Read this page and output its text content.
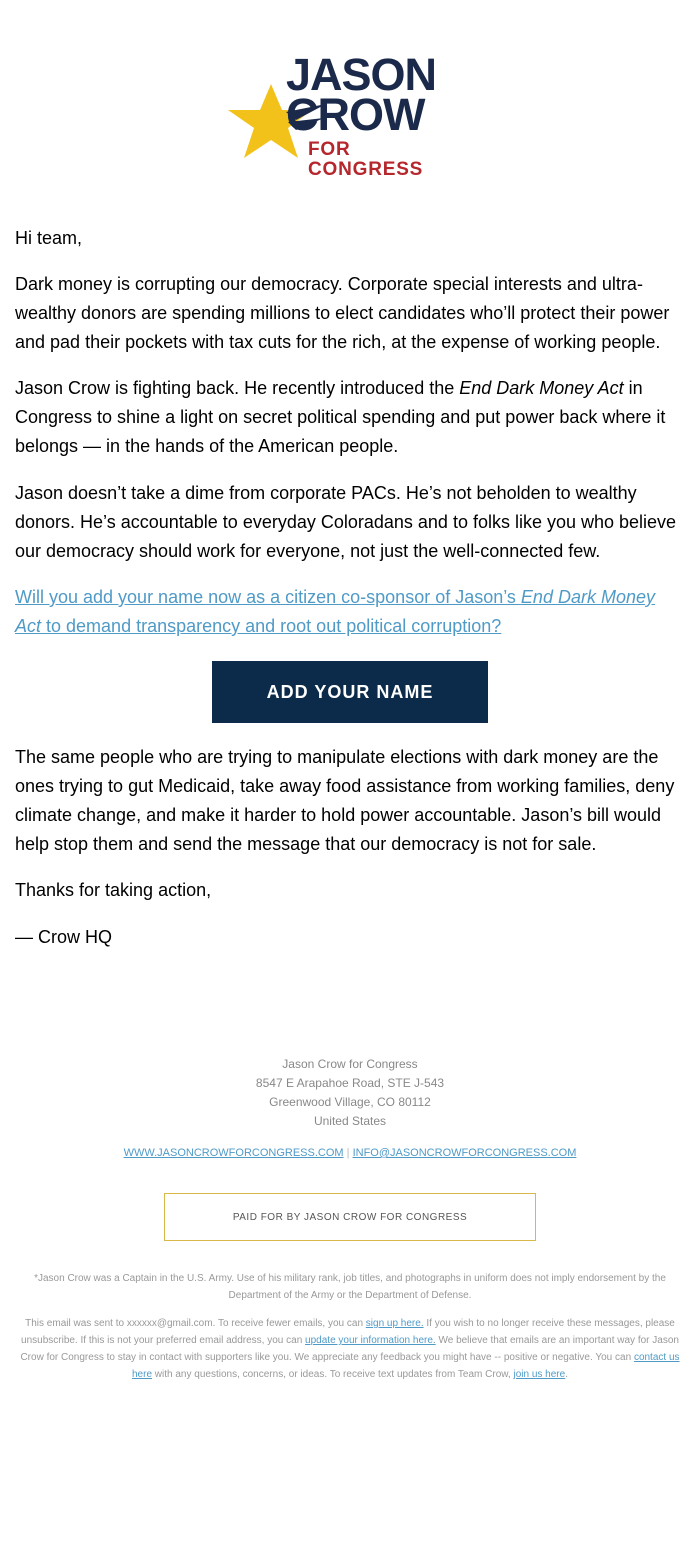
JASON
CROW
FOR CONGRESS

Hi team,

Dark money is corrupting our democracy. Corporate special interests and ultra-wealthy donors are spending millions to elect candidates who’ll protect their power and pad their pockets with tax cuts for the rich, at the expense of working people.

Jason Crow is fighting back. He recently introduced the End Dark Money Act in Congress to shine a light on secret political spending and put power back where it belongs — in the hands of the American people.

Jason doesn’t take a dime from corporate PACs. He’s not beholden to wealthy donors. He’s accountable to everyday Coloradans and to folks like you who believe our democracy should work for everyone, not just the well-connected few.

Will you add your name now as a citizen co-sponsor of Jason’s End Dark Money Act to demand transparency and root out political corruption?

ADD YOUR NAME

The same people who are trying to manipulate elections with dark money are the ones trying to gut Medicaid, take away food assistance from working families, deny climate change, and make it harder to hold power accountable. Jason’s bill would help stop them and send the message that our democracy is not for sale.

Thanks for taking action,

— Crow HQ

Jason Crow for Congress
8547 E Arapahoe Road, STE J-543
Greenwood Village, CO 80112
United States
WWW.JASONCROWFORCONGRESS.COM | INFO@JASONCROWFORCONGRESS.COM
PAID FOR BY JASON CROW FOR CONGRESS
*Jason Crow was a Captain in the U.S. Army. Use of his military rank, job titles, and photographs in uniform does not imply endorsement by the Department of the Army or the Department of Defense.
This email was sent to xxxxxx@gmail.com. To receive fewer emails, you can sign up here. If you wish to no longer receive these messages, please unsubscribe. If this is not your preferred email address, you can update your information here. We believe that emails are an important way for Jason Crow for Congress to stay in contact with supporters like you. We appreciate any feedback you might have -- positive or negative. You can contact us here with any questions, concerns, or ideas. To receive text updates from Team Crow, join us here.
